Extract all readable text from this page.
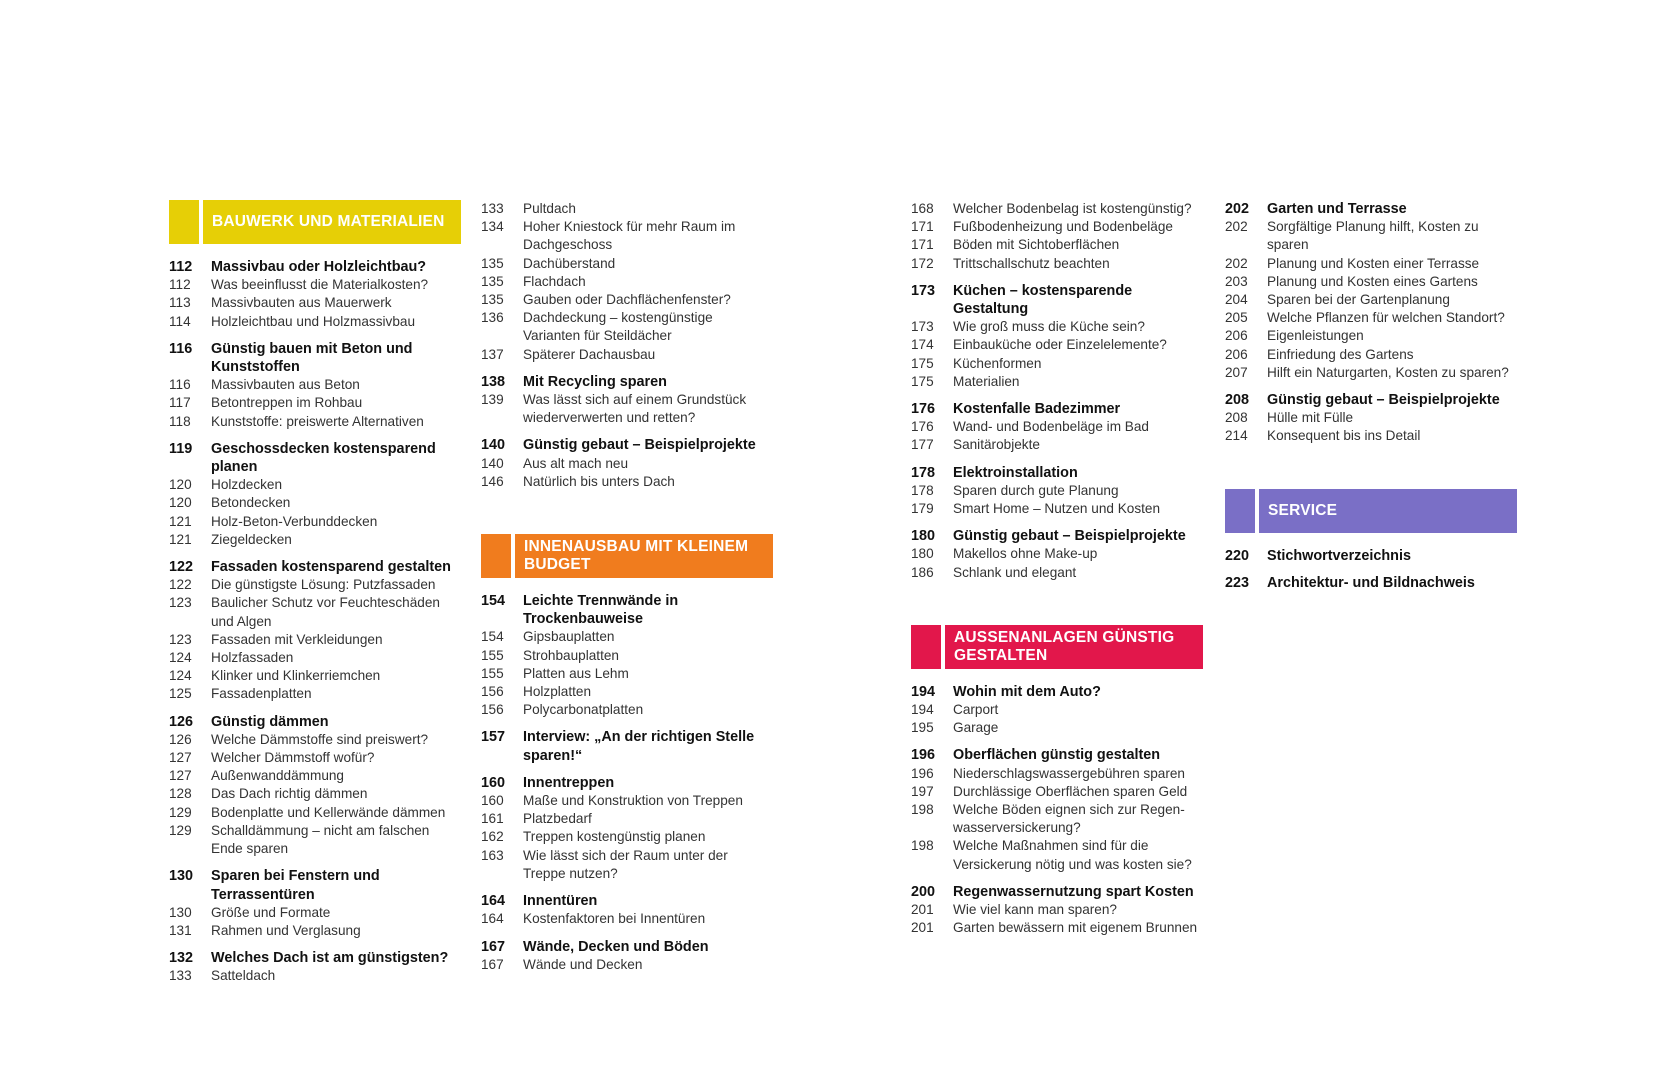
BAUWERK UND MATERIALIEN
112	Massivbau oder Holzleichtbau?
112	Was beeinflusst die Materialkosten?
113	Massivbauten aus Mauerwerk
114	Holzleichtbau und Holzmassivbau
116	Günstig bauen mit Beton und Kunststoffen
116	Massivbauten aus Beton
117	Betontreppen im Rohbau
118	Kunststoffe: preiswerte Alternativen
119	Geschossdecken kostensparend planen
120	Holzdecken
120	Betondecken
121	Holz-Beton-Verbunddecken
121	Ziegeldecken
122	Fassaden kostensparend gestalten
122	Die günstigste Lösung: Putzfassaden
123	Baulicher Schutz vor Feuchteschäden und Algen
123	Fassaden mit Verkleidungen
124	Holzfassaden
124	Klinker und Klinkerriemchen
125	Fassadenplatten
126	Günstig dämmen
126	Welche Dämmstoffe sind preiswert?
127	Welcher Dämmstoff wofür?
127	Außenwanddämmung
128	Das Dach richtig dämmen
129	Bodenplatte und Kellerwände dämmen
129	Schalldämmung – nicht am falschen Ende sparen
130	Sparen bei Fenstern und Terrassentüren
130	Größe und Formate
131	Rahmen und Verglasung
132	Welches Dach ist am günstigsten?
133	Satteldach
133	Pultdach
134	Hoher Kniestock für mehr Raum im Dachgeschoss
135	Dachüberstand
135	Flachdach
135	Gauben oder Dachflächenfenster?
136	Dachdeckung – kostengünstige Varianten für Steildächer
137	Späterer Dachausbau
138	Mit Recycling sparen
139	Was lässt sich auf einem Grundstück wiederverwerten und retten?
140	Günstig gebaut – Beispielprojekte
140	Aus alt mach neu
146	Natürlich bis unters Dach
INNENAUSBAU MIT KLEINEM BUDGET
154	Leichte Trennwände in Trockenbauweise
154	Gipsbauplatten
155	Strohbauplatten
155	Platten aus Lehm
156	Holzplatten
156	Polycarbonatplatten
157	Interview: „An der richtigen Stelle sparen!“
160	Innentreppen
160	Maße und Konstruktion von Treppen
161	Platzbedarf
162	Treppen kostengünstig planen
163	Wie lässt sich der Raum unter der Treppe nutzen?
164	Innentüren
164	Kostenfaktoren bei Innentüren
167	Wände, Decken und Böden
167	Wände und Decken
168	Welcher Bodenbelag ist kostengünstig?
171	Fußbodenheizung und Bodenbeläge
171	Böden mit Sichtoberflächen
172	Trittschallschutz beachten
173	Küchen – kostensparende Gestaltung
173	Wie groß muss die Küche sein?
174	Einbauküche oder Einzelelemente?
175	Küchenformen
175	Materialien
176	Kostenfalle Badezimmer
176	Wand- und Bodenbeläge im Bad
177	Sanitärobjekte
178	Elektroinstallation
178	Sparen durch gute Planung
179	Smart Home – Nutzen und Kosten
180	Günstig gebaut – Beispielprojekte
180	Makellos ohne Make-up
186	Schlank und elegant
AUSSENANLAGEN GÜNSTIG GESTALTEN
194	Wohin mit dem Auto?
194	Carport
195	Garage
196	Oberflächen günstig gestalten
196	Niederschlagswassergebühren sparen
197	Durchlässige Oberflächen sparen Geld
198	Welche Böden eignen sich zur Regen-wasserversickerung?
198	Welche Maßnahmen sind für die Versickerung nötig und was kosten sie?
200	Regenwassernutzung spart Kosten
201	Wie viel kann man sparen?
201	Garten bewässern mit eigenem Brunnen
202	Garten und Terrasse
202	Sorgfältige Planung hilft, Kosten zu sparen
202	Planung und Kosten einer Terrasse
203	Planung und Kosten eines Gartens
204	Sparen bei der Gartenplanung
205	Welche Pflanzen für welchen Standort?
206	Eigenleistungen
206	Einfriedung des Gartens
207	Hilft ein Naturgarten, Kosten zu sparen?
208	Günstig gebaut – Beispielprojekte
208	Hülle mit Fülle
214	Konsequent bis ins Detail
SERVICE
220	Stichwortverzeichnis
223	Architektur- und Bildnachweis
